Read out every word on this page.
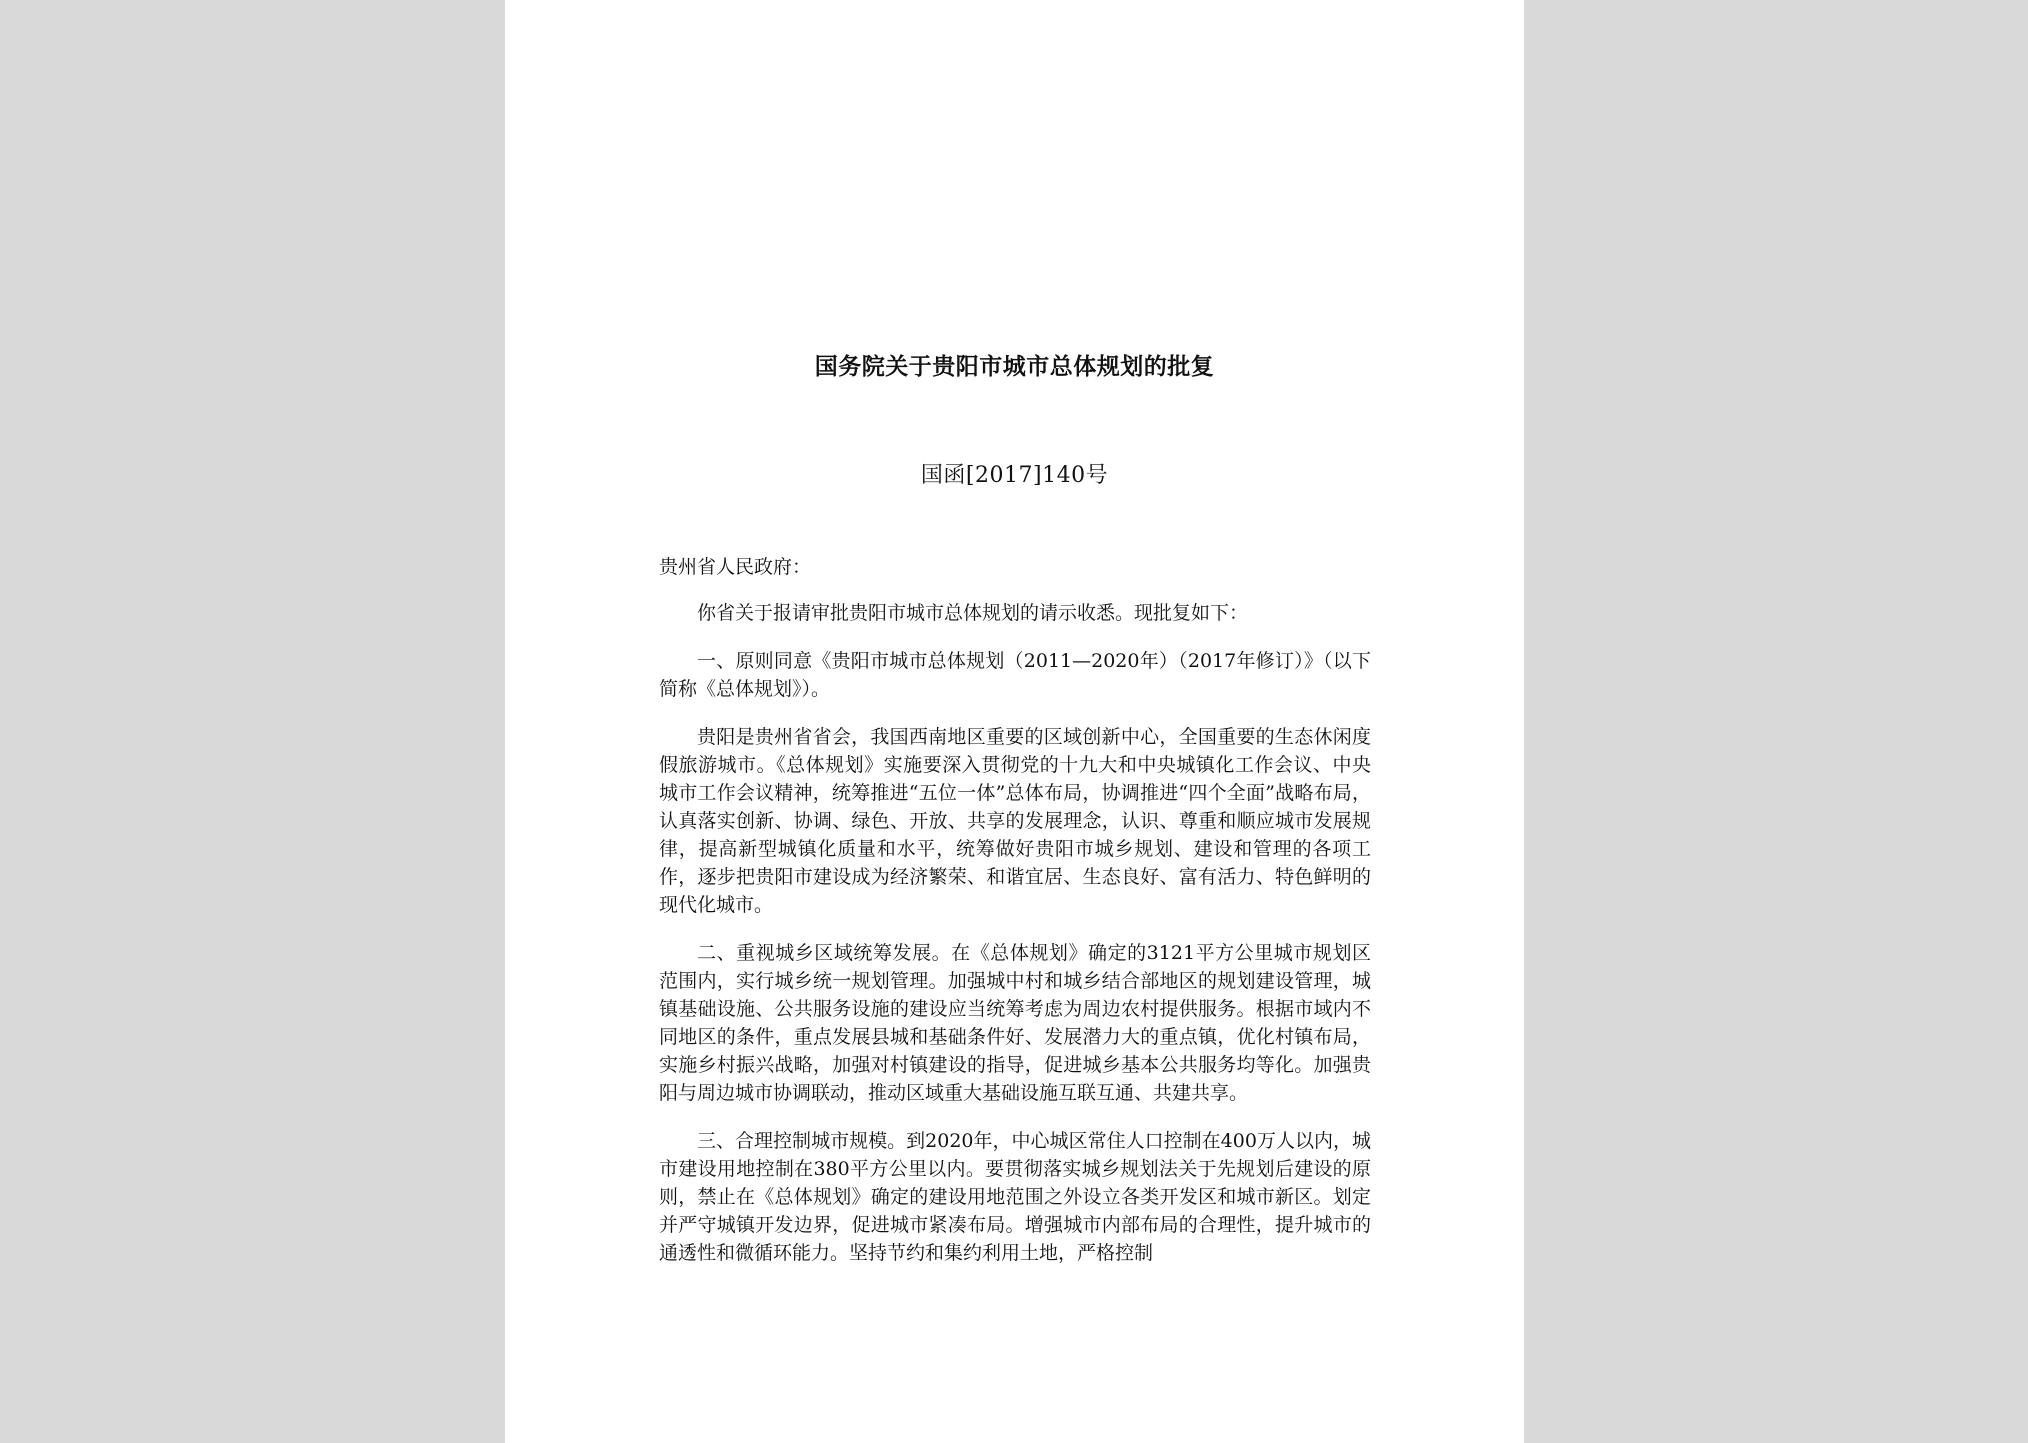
国务院关于贵阳市城市总体规划的批复
国函[2017]140号

贵州省人民政府：

你省关于报请审批贵阳市城市总体规划的请示收悉。现批复如下：

一、原则同意《贵阳市城市总体规划（2011—2020年）（2017年修订）》（以下简称《总体规划》）。

贵阳是贵州省省会，我国西南地区重要的区域创新中心，全国重要的生态休闲度假旅游城市。《总体规划》实施要深入贯彻党的十九大和中央城镇化工作会议、中央城市工作会议精神，统筹推进“五位一体”总体布局，协调推进“四个全面”战略布局，认真落实创新、协调、绿色、开放、共享的发展理念，认识、尊重和顺应城市发展规律，提高新型城镇化质量和水平，统筹做好贵阳市城乡规划、建设和管理的各项工作，逐步把贵阳市建设成为经济繁荣、和谐宜居、生态良好、富有活力、特色鲜明的现代化城市。

二、重视城乡区域统筹发展。在《总体规划》确定的3121平方公里城市规划区范围内，实行城乡统一规划管理。加强城中村和城乡结合部地区的规划建设管理，城镇基础设施、公共服务设施的建设应当统筹考虑为周边农村提供服务。根据市域内不同地区的条件，重点发展县城和基础条件好、发展潜力大的重点镇，优化村镇布局，实施乡村振兴战略，加强对村镇建设的指导，促进城乡基本公共服务均等化。加强贵阳与周边城市协调联动，推动区域重大基础设施互联互通、共建共享。

三、合理控制城市规模。到2020年，中心城区常住人口控制在400万人以内，城市建设用地控制在380平方公里以内。要贯彻落实城乡规划法关于先规划后建设的原则，禁止在《总体规划》确定的建设用地范围之外设立各类开发区和城市新区。划定并严守城镇开发边界，促进城市紧凑布局。增强城市内部布局的合理性，提升城市的通透性和微循环能力。坚持节约和集约利用土地，严格控制
